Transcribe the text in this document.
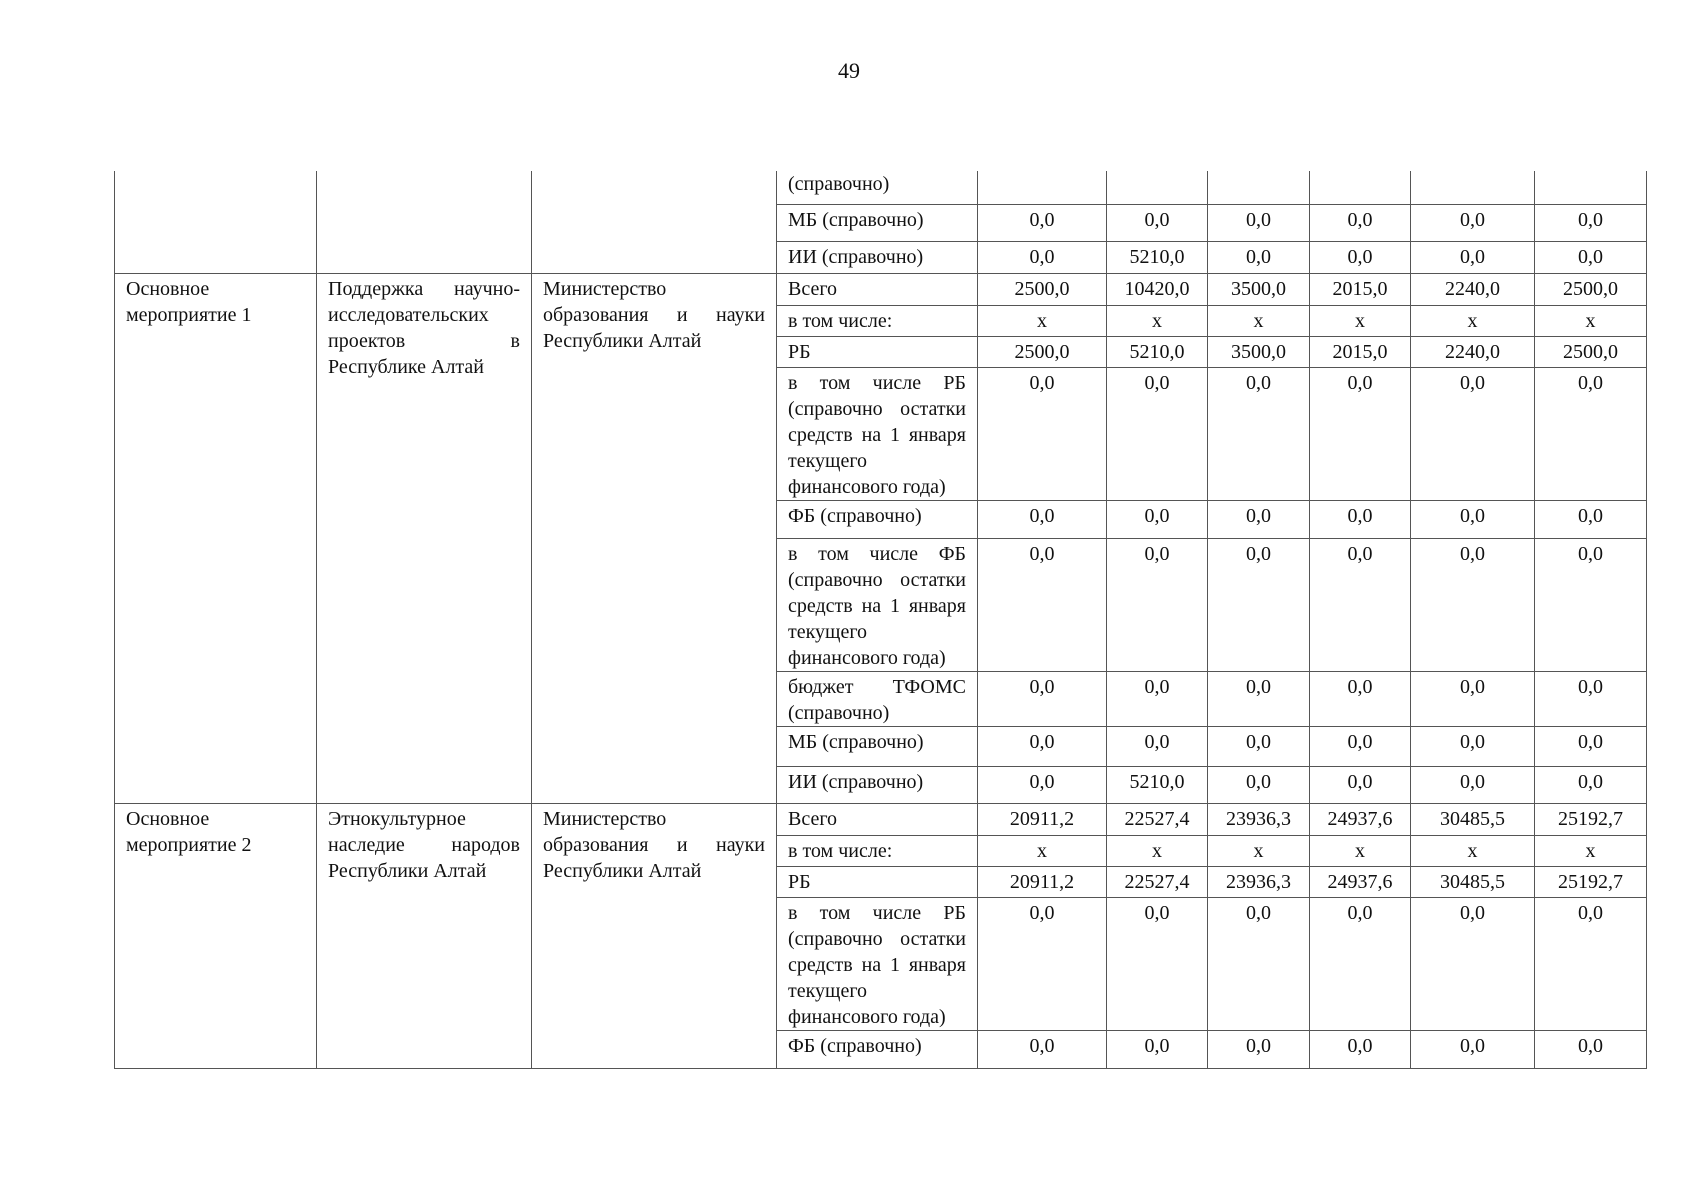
49
			(справочно)						
			МБ (справочно)	0,0	0,0	0,0	0,0	0,0	0,0
			ИИ (справочно)	0,0	5210,0	0,0	0,0	0,0	0,0
Основное мероприятие 1	Поддержка научно-исследовательских проектов в Республике Алтай	Министерство образования и науки Республики Алтай	Всего	2500,0	10420,0	3500,0	2015,0	2240,0	2500,0
			в том числе:	х	х	х	х	х	х
			РБ	2500,0	5210,0	3500,0	2015,0	2240,0	2500,0
			в том числе РБ (справочно остатки средств на 1 января текущего финансового года)	0,0	0,0	0,0	0,0	0,0	0,0
			ФБ (справочно)	0,0	0,0	0,0	0,0	0,0	0,0
			в том числе ФБ (справочно остатки средств на 1 января текущего финансового года)	0,0	0,0	0,0	0,0	0,0	0,0
			бюджет ТФОМС (справочно)	0,0	0,0	0,0	0,0	0,0	0,0
			МБ (справочно)	0,0	0,0	0,0	0,0	0,0	0,0
			ИИ (справочно)	0,0	5210,0	0,0	0,0	0,0	0,0
Основное мероприятие 2	Этнокультурное наследие народов Республики Алтай	Министерство образования и науки Республики Алтай	Всего	20911,2	22527,4	23936,3	24937,6	30485,5	25192,7
			в том числе:	х	х	х	х	х	х
			РБ	20911,2	22527,4	23936,3	24937,6	30485,5	25192,7
			в том числе РБ (справочно остатки средств на 1 января текущего финансового года)	0,0	0,0	0,0	0,0	0,0	0,0
			ФБ (справочно)	0,0	0,0	0,0	0,0	0,0	0,0
